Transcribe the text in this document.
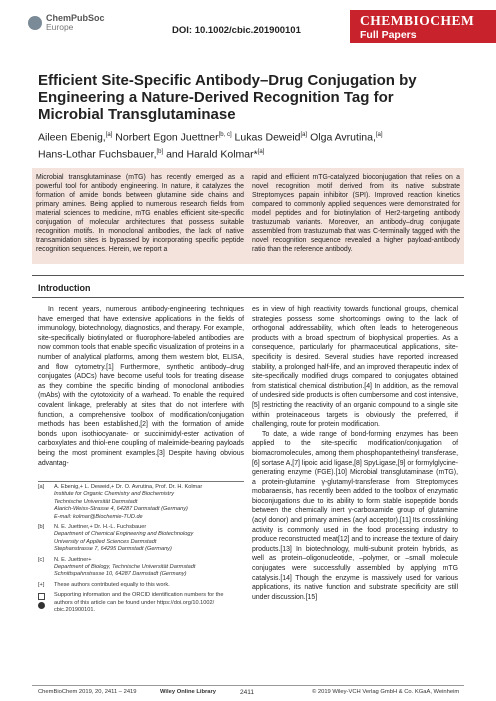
ChemPubSoc
Europe	DOI: 10.1002/cbic.201900101
CHEMBIOCHEM
Full Papers
Efficient Site-Specific Antibody–Drug Conjugation by Engineering a Nature-Derived Recognition Tag for Microbial Transglutaminase
Aileen Ebenig,[a] Norbert Egon Juettner[b, c] Lukas Deweid[a] Olga Avrutina,[a]
Hans-Lothar Fuchsbauer,[b] and Harald Kolmar*[a]
Microbial transglutaminase (mTG) has recently emerged as a powerful tool for antibody engineering. In nature, it catalyzes the formation of amide bonds between glutamine side chains and primary amines. Being applied to numerous research fields from material sciences to medicine, mTG enables efficient site-specific conjugation of molecular architectures that possess suitable recognition motifs. In monoclonal antibodies, the lack of native transamidation sites is bypassed by incorporating specific peptide recognition sequences. Herein, we report a
rapid and efficient mTG-catalyzed bioconjugation that relies on a novel recognition motif derived from its native substrate Streptomyces papain inhibitor (SPI). Improved reaction kinetics compared to commonly applied sequences were demonstrated for model peptides and for biotinylation of Her2-targeting antibody trastuzumab variants. Moreover, an antibody–drug conjugate assembled from trastuzumab that was C-terminally tagged with the novel recognition sequence revealed a higher payload-antibody ratio than the reference antibody.
Introduction

In recent years, numerous antibody-engineering techniques have emerged that have extensive applications in the fields of immunology, biotechnology, diagnostics, and therapy. For example, site-specifically biotinylated or fluorophore-labeled antibodies are now common tools that enable specific visualization of proteins in a number of analytical platforms, among them western blot, ELISA, and flow cytometry.[1] Furthermore, synthetic antibody–drug conjugates (ADCs) have become useful tools for treating disease as they combine the specific binding of monoclonal antibodies (mAbs) with the cytotoxicity of a warhead. To enable the required covalent linkage, preferably at sites that do not interfere with function, a comprehensive toolbox of modification/conjugation methods has been established,[2] with the formation of amide bonds upon isothiocyanate- or succinimidyl-ester activation of carboxylates and thiol-ene coupling of maleimide-bearing payloads being the most prominent examples.[3] Despite having obvious advantag-

es in view of high reactivity towards functional groups, chemical strategies possess some shortcomings owing to the lack of orthogonal addressability, which often leads to heterogeneous products with a broad spectrum of biophysical properties. As a consequence, particularly for pharmaceutical applications, site-specificity is desired. Several studies have reported increased stability, a prolonged half-life, and an improved therapeutic index of site-specifically modified drugs compared to conjugates obtained from statistical chemical distribution.[4] In addition, as the removal of undesired side products is often cumbersome and cost intensive,[5] restricting the reactivity of an organic compound to a single site within proteinaceous targets is obviously the preferred, if challenging, route for protein modification.

To date, a wide range of bond-forming enzymes has been applied to the site-specific modification/conjugation of biomacromolecules, among them phosphopantetheinyl transferase,[6] sortase A,[7] lipoic acid ligase,[8] SpyLigase,[9] or formylglycine-generating enzyme (FGE).[10] Microbial transglutaminase (mTG), a protein-glutamine γ-glutamyl-transferase from Streptomyces mobaraensis, has recently been added to the toolbox of enzymatic bioconjugations due to its ability to form stable isopeptide bonds between the chemically inert γ-carboxamide group of glutamine (acyl donor) and primary amines (acyl acceptor).[11] Its crosslinking activity is commonly used in the food processing industry to produce reconstructed meat[12] and to increase the texture of dairy products.[13] In biotechnology, multi-subunit protein hybrids, as well as protein–oligonucleotide, –polymer, or –small molecule conjugates were successfully assembled by applying mTG catalysis.[14] Though the enzyme is massively used for various applications, its native function and substrate specificity are still under discussion.[15]

[a]	A. Ebenig,+ L. Deweid,+ Dr. O. Avrutina, Prof. Dr. H. Kolmar
Institute for Organic Chemistry and Biochemistry
Technische Universität Darmstadt
Alarich-Weiss-Strasse 4, 64287 Darmstadt (Germany)
E-mail: kolmar@Biochemie-TUD.de
[b]	N. E. Juettner,+ Dr. H.-L. Fuchsbauer
Department of Chemical Engineering and Biotechnology
University of Applied Sciences Darmstadt
Stephanstrasse 7, 64295 Darmstadt (Germany)
[c]	N. E. Juettner+
Department of Biology, Technische Universität Darmstadt
Schnittspahnstrasse 10, 64287 Darmstadt (Germany)
[+]	These authors contributed equally to this work.
Supporting information and the ORCID identification numbers for the
authors of this article can be found under https://doi.org/10.1002/
cbic.201900101.
ChemBioChem 2019, 20, 2411 – 2419	Wiley Online Library	2411	© 2019 Wiley-VCH Verlag GmbH & Co. KGaA, Weinheim
